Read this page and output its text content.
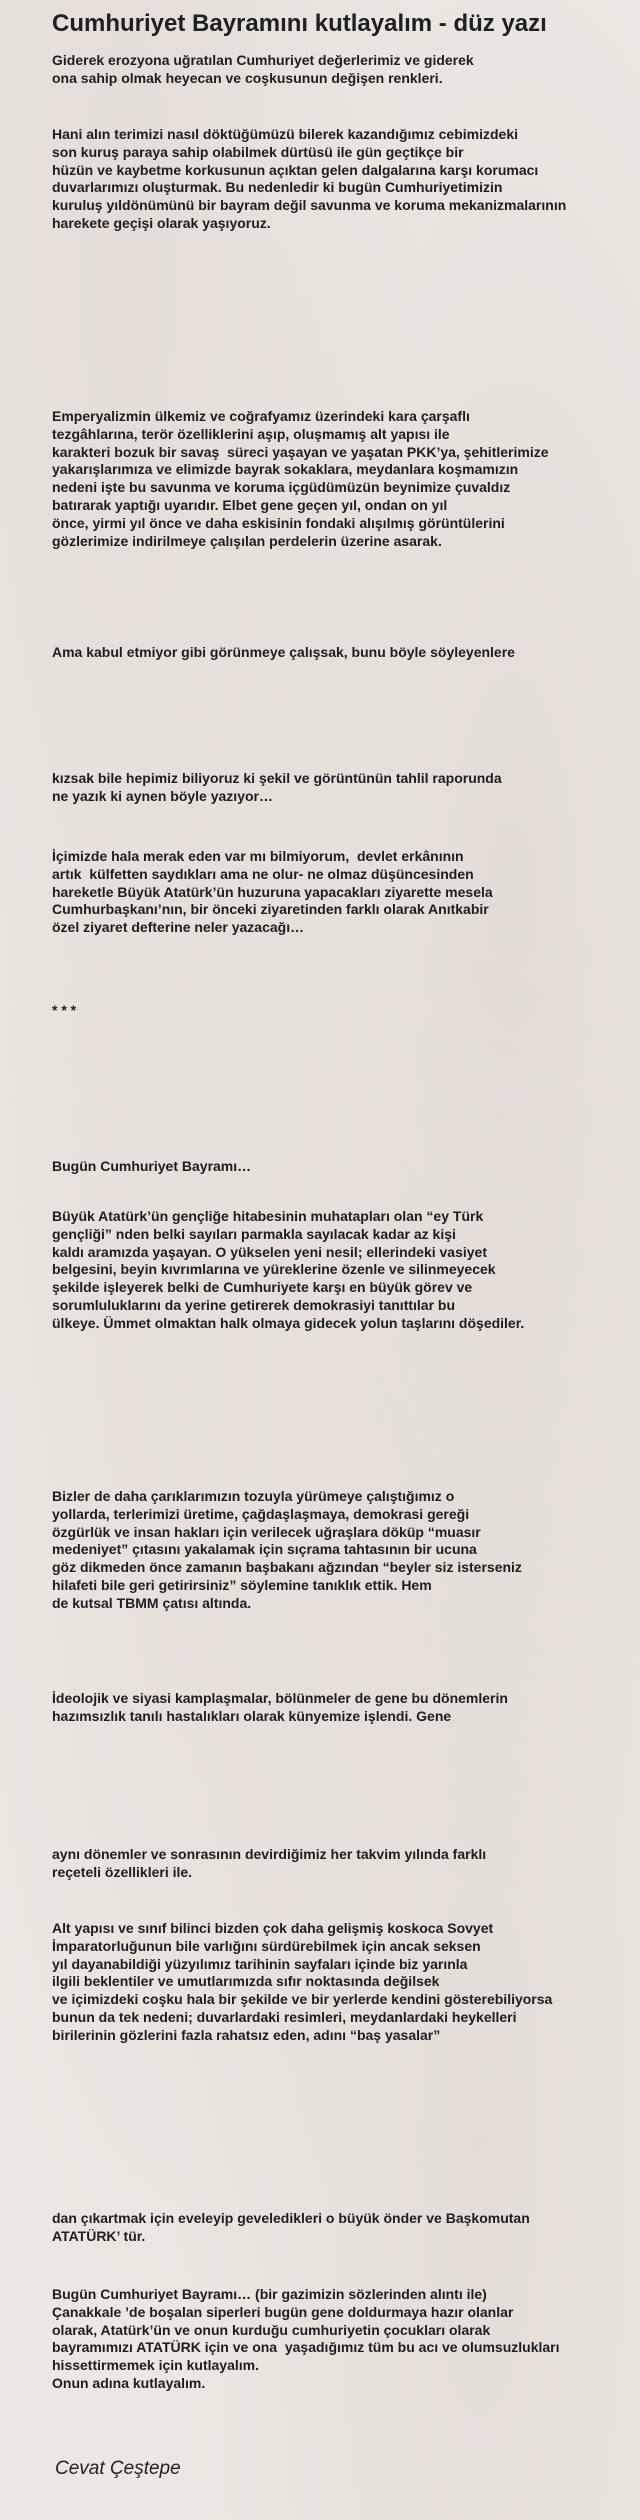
Cumhuriyet Bayramını kutlayalım - düz yazı

Giderek erozyona uğratılan Cumhuriyet değerlerimiz ve giderek
ona sahip olmak heyecan ve coşkusunun değişen renkleri.

Hani alın terimizi nasıl döktüğümüzü bilerek kazandığımız cebimizdeki
son kuruş paraya sahip olabilmek dürtüsü ile gün geçtikçe bir
hüzün ve kaybetme korkusunun açıktan gelen dalgalarına karşı korumacı
duvarlarımızı oluşturmak. Bu nedenledir ki bugün Cumhuriyetimizin
kuruluş yıldönümünü bir bayram değil savunma ve koruma mekanizmalarının
harekete geçişi olarak yaşıyoruz.

Emperyalizmin ülkemiz ve coğrafyamız üzerindeki kara çarşaflı
tezgâhlarına, terör özelliklerini aşıp, oluşmamış alt yapısı ile
karakteri bozuk bir savaş  süreci yaşayan ve yaşatan PKK’ya, şehitlerimize
yakarışlarımıza ve elimizde bayrak sokaklara, meydanlara koşmamızın
nedeni işte bu savunma ve koruma içgüdümüzün beynimize çuvaldız
batırarak yaptığı uyarıdır. Elbet gene geçen yıl, ondan on yıl
önce, yirmi yıl önce ve daha eskisinin fondaki alışılmış görüntülerini
gözlerimize indirilmeye çalışılan perdelerin üzerine asarak.

Ama kabul etmiyor gibi görünmeye çalışsak, bunu böyle söyleyenlere

kızsak bile hepimiz biliyoruz ki şekil ve görüntünün tahlil raporunda
ne yazık ki aynen böyle yazıyor…

İçimizde hala merak eden var mı bilmiyorum,  devlet erkânının
artık  külfetten saydıkları ama ne olur- ne olmaz düşüncesinden
hareketle Büyük Atatürk’ün huzuruna yapacakları ziyarette mesela
Cumhurbaşkanı’nın, bir önceki ziyaretinden farklı olarak Anıtkabir
özel ziyaret defterine neler yazacağı…

* * *

Bugün Cumhuriyet Bayramı…

Büyük Atatürk’ün gençliğe hitabesinin muhatapları olan “ey Türk
gençliği” nden belki sayıları parmakla sayılacak kadar az kişi
kaldı aramızda yaşayan. O yükselen yeni nesil; ellerindeki vasiyet
belgesini, beyin kıvrımlarına ve yüreklerine özenle ve silinmeyecek
şekilde işleyerek belki de Cumhuriyete karşı en büyük görev ve
sorumluluklarını da yerine getirerek demokrasiyi tanıttılar bu
ülkeye. Ümmet olmaktan halk olmaya gidecek yolun taşlarını döşediler.

Bizler de daha çarıklarımızın tozuyla yürümeye çalıştığımız o
yollarda, terlerimizi üretime, çağdaşlaşmaya, demokrasi gereği
özgürlük ve insan hakları için verilecek uğraşlara döküp “muasır
medeniyet” çıtasını yakalamak için sıçrama tahtasının bir ucuna
göz dikmeden önce zamanın başbakanı ağzından “beyler siz isterseniz
hilafeti bile geri getirirsiniz” söylemine tanıklık ettik. Hem
de kutsal TBMM çatısı altında.

İdeolojik ve siyasi kamplaşmalar, bölünmeler de gene bu dönemlerin
hazımsızlık tanılı hastalıkları olarak künyemize işlendi. Gene

aynı dönemler ve sonrasının devirdiğimiz her takvim yılında farklı
reçeteli özellikleri ile.

Alt yapısı ve sınıf bilinci bizden çok daha gelişmiş koskoca Sovyet
İmparatorluğunun bile varlığını sürdürebilmek için ancak seksen
yıl dayanabildiği yüzyılımız tarihinin sayfaları içinde biz yarınla
ilgili beklentiler ve umutlarımızda sıfır noktasında değilsek
ve içimizdeki coşku hala bir şekilde ve bir yerlerde kendini gösterebiliyorsa
bunun da tek nedeni; duvarlardaki resimleri, meydanlardaki heykelleri
birilerinin gözlerini fazla rahatsız eden, adını “baş yasalar”

dan çıkartmak için eveleyip geveledikleri o büyük önder ve Başkomutan
ATATÜRK’ tür.

Bugün Cumhuriyet Bayramı… (bir gazimizin sözlerinden alıntı ile)
Çanakkale ’de boşalan siperleri bugün gene doldurmaya hazır olanlar
olarak, Atatürk’ün ve onun kurduğu cumhuriyetin çocukları olarak
bayramımızı ATATÜRK için ve ona  yaşadığımız tüm bu acı ve olumsuzlukları
hissettirmemek için kutlayalım.
Onun adına kutlayalım.

Cevat Çeştepe
